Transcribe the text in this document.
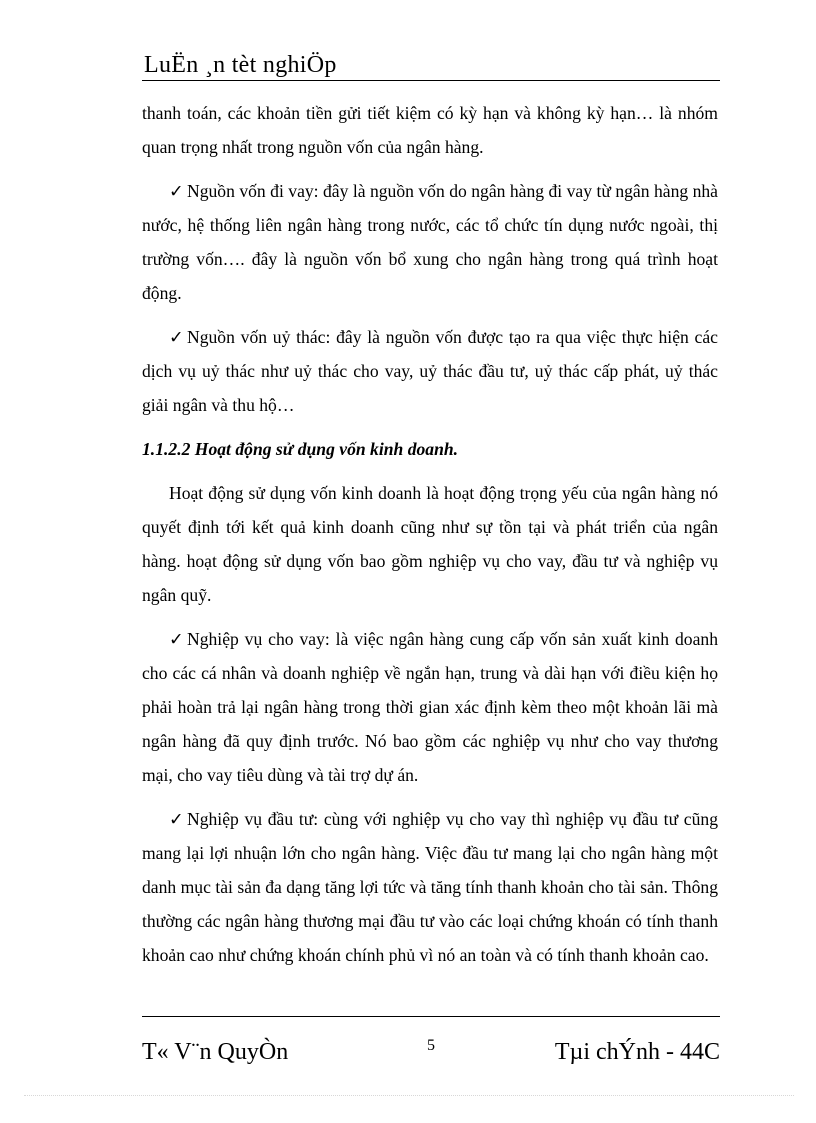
LuËn ¸n tèt nghiÖp

thanh toán, các khoản tiền gửi tiết kiệm có kỳ hạn và không kỳ hạn… là nhóm quan trọng nhất trong nguồn vốn của ngân hàng.

✓ Nguồn vốn đi vay: đây là nguồn vốn do ngân hàng đi vay từ ngân hàng nhà nước, hệ thống liên ngân hàng trong nước, các tổ chức tín dụng nước ngoài, thị trường vốn…. đây là nguồn vốn bổ xung cho ngân hàng trong quá trình hoạt động.

✓ Nguồn vốn uỷ thác: đây là nguồn vốn được tạo ra qua việc thực hiện các dịch vụ uỷ thác như uỷ thác cho vay, uỷ thác đầu tư, uỷ thác cấp phát, uỷ thác giải ngân và thu hộ…

1.1.2.2 Hoạt động sử dụng vốn kinh doanh.

Hoạt động sử dụng vốn kinh doanh là hoạt động trọng yếu của ngân hàng nó quyết định tới kết quả kinh doanh cũng như sự tồn tại và phát triển của ngân hàng. hoạt động sử dụng vốn bao gồm nghiệp vụ cho vay, đầu tư và nghiệp vụ ngân quỹ.

✓ Nghiệp vụ cho vay: là việc ngân hàng cung cấp vốn sản xuất kinh doanh cho các cá nhân và doanh nghiệp về ngắn hạn, trung và dài hạn với điều kiện họ phải hoàn trả lại ngân hàng trong thời gian xác định kèm theo một khoản lãi mà ngân hàng đã quy định trước. Nó bao gồm các nghiệp vụ như cho vay thương mại, cho vay tiêu dùng và tài trợ dự án.

✓ Nghiệp vụ đầu tư: cùng với nghiệp vụ cho vay thì nghiệp vụ đầu tư cũng mang lại lợi nhuận lớn cho ngân hàng. Việc đầu tư mang lại cho ngân hàng một danh mục tài sản đa dạng tăng lợi tức và tăng tính thanh khoản cho tài sản. Thông thường các ngân hàng thương mại đầu tư vào các loại chứng khoán có tính thanh khoản cao như chứng khoán chính phủ vì nó an toàn và có tính thanh khoản cao.

T« V¨n QuyÒn	5	Tµi chÝnh - 44C
